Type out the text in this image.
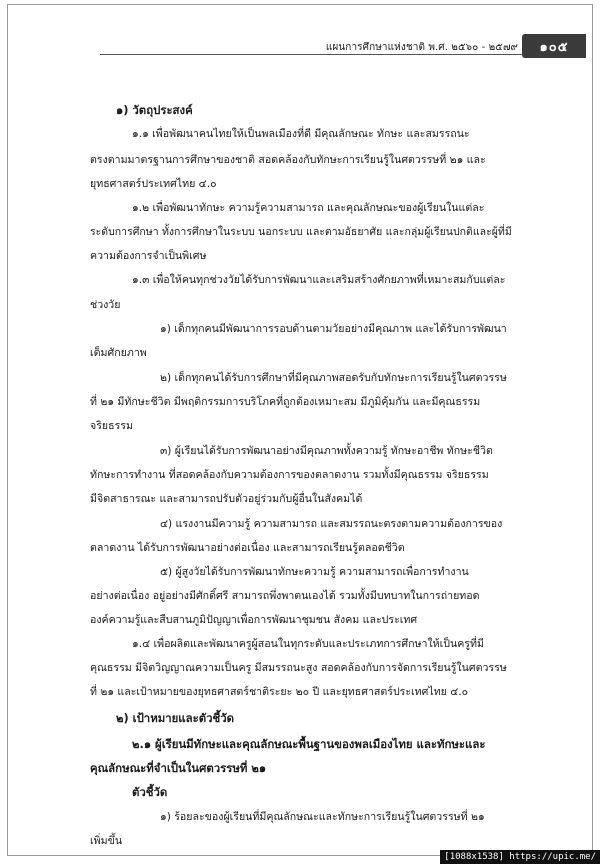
แผนการศึกษาแห่งชาติ พ.ศ. ๒๕๖๐ - ๒๕๗๙ ๑๐๕
๑) วัตถุประสงค์
๑.๑ เพื่อพัฒนาคนไทยให้เป็นพลเมืองที่ดี มีคุณลักษณะ ทักษะ และสมรรถนะ
ตรงตามมาตรฐานการศึกษาของชาติ สอดคล้องกับทักษะการเรียนรู้ในศตวรรษที่ ๒๑ และ
ยุทธศาสตร์ประเทศไทย ๔.๐
๑.๒ เพื่อพัฒนาทักษะ ความรู้ความสามารถ และคุณลักษณะของผู้เรียนในแต่ละ
ระดับการศึกษา ทั้งการศึกษาในระบบ นอกระบบ และตามอัธยาศัย และกลุ่มผู้เรียนปกติและผู้ที่มี
ความต้องการจำเป็นพิเศษ
๑.๓ เพื่อให้คนทุกช่วงวัยได้รับการพัฒนาและเสริมสร้างศักยภาพที่เหมาะสมกับแต่ละ
ช่วงวัย
๑) เด็กทุกคนมีพัฒนาการรอบด้านตามวัยอย่างมีคุณภาพ และได้รับการพัฒนา
เต็มศักยภาพ
๒) เด็กทุกคนได้รับการศึกษาที่มีคุณภาพสอดรับกับทักษะการเรียนรู้ในศตวรรษ
ที่ ๒๑ มีทักษะชีวิต มีพฤติกรรมการบริโภคที่ถูกต้องเหมาะสม มีภูมิคุ้มกัน และมีคุณธรรม
จริยธรรม
๓) ผู้เรียนได้รับการพัฒนาอย่างมีคุณภาพทั้งความรู้ ทักษะอาชีพ ทักษะชีวิต
ทักษะการทำงาน ที่สอดคล้องกับความต้องการของตลาดงาน รวมทั้งมีคุณธรรม จริยธรรม
มีจิตสาธารณะ และสามารถปรับตัวอยู่ร่วมกับผู้อื่นในสังคมได้
๔) แรงงานมีความรู้ ความสามารถ และสมรรถนะตรงตามความต้องการของ
ตลาดงาน ได้รับการพัฒนาอย่างต่อเนื่อง และสามารถเรียนรู้ตลอดชีวิต
๕) ผู้สูงวัยได้รับการพัฒนาทักษะความรู้ ความสามารถเพื่อการทำงาน
อย่างต่อเนื่อง อยู่อย่างมีศักดิ์ศรี สามารถพึ่งพาตนเองได้ รวมทั้งมีบทบาทในการถ่ายทอด
องค์ความรู้และสืบสานภูมิปัญญาเพื่อการพัฒนาชุมชน สังคม และประเทศ
๑.๔ เพื่อผลิตและพัฒนาครูผู้สอนในทุกระดับและประเภทการศึกษาให้เป็นครูที่มี
คุณธรรม มีจิตวิญญาณความเป็นครู มีสมรรถนะสูง สอดคล้องกับการจัดการเรียนรู้ในศตวรรษ
ที่ ๒๑ และเป้าหมายของยุทธศาสตร์ชาติระยะ ๒๐ ปี และยุทธศาสตร์ประเทศไทย ๔.๐
๒) เป้าหมายและตัวชี้วัด
๒.๑ ผู้เรียนมีทักษะและคุณลักษณะพื้นฐานของพลเมืองไทย และทักษะและ
คุณลักษณะที่จำเป็นในศตวรรษที่ ๒๑
ตัวชี้วัด
๑) ร้อยละของผู้เรียนที่มีคุณลักษณะและทักษะการเรียนรู้ในศตวรรษที่ ๒๑
เพิ่มขึ้น
[1088x1538] https://upic.me/
